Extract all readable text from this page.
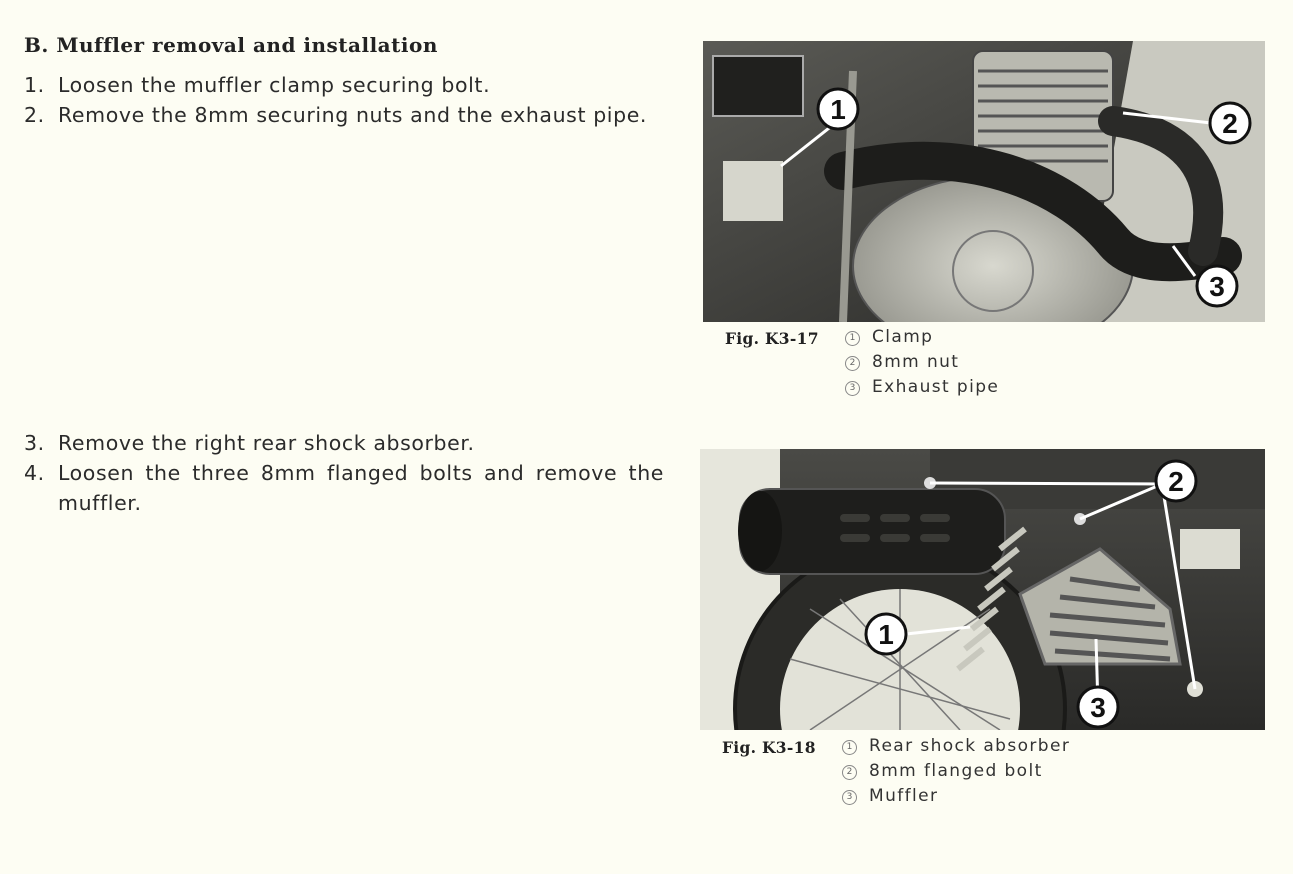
B. Muffler removal and installation
1. Loosen the muffler clamp securing bolt.
2. Remove the 8mm securing nuts and the exhaust pipe.
3. Remove the right rear shock absorber.
4. Loosen the three 8mm flanged bolts and remove the muffler.
1	2
3
Fig. K3-17	1 Clamp
2 8mm nut
3 Exhaust pipe
2
1
3
Fig. K3-18	1 Rear shock absorber
2 8mm flanged bolt
3 Muffler
